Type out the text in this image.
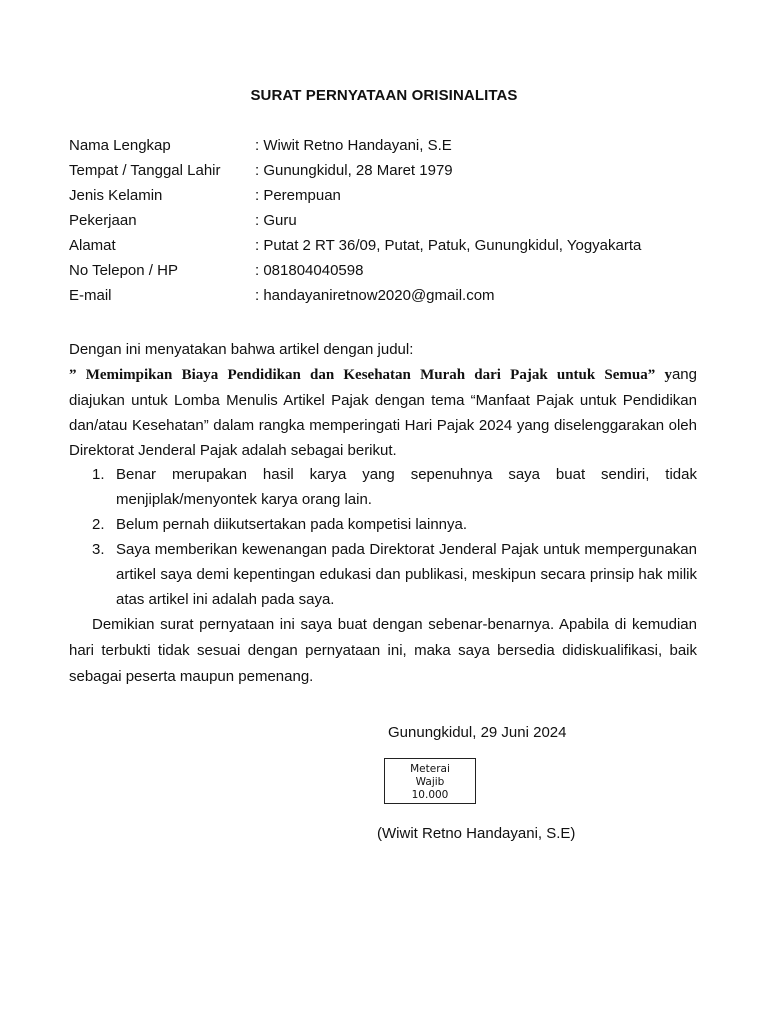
SURAT PERNYATAAN ORISINALITAS
Nama Lengkap	: Wiwit Retno Handayani, S.E
Tempat / Tanggal Lahir : Gunungkidul, 28 Maret 1979
Jenis Kelamin	: Perempuan
Pekerjaan	: Guru
Alamat	: Putat 2 RT 36/09, Putat, Patuk, Gunungkidul, Yogyakarta
No Telepon / HP	: 081804040598
E-mail	: handayaniretnow2020@gmail.com

Dengan ini menyatakan bahwa artikel dengan judul:

” Memimpikan Biaya Pendidikan dan Kesehatan Murah dari Pajak untuk Semua” yang diajukan untuk Lomba Menulis Artikel Pajak dengan tema “Manfaat Pajak untuk Pendidikan dan/atau Kesehatan” dalam rangka memperingati Hari Pajak 2024 yang diselenggarakan oleh Direktorat Jenderal Pajak adalah sebagai berikut.

1. Benar merupakan hasil karya yang sepenuhnya saya buat sendiri, tidak menjiplak/menyontek karya orang lain.
2. Belum pernah diikutsertakan pada kompetisi lainnya.
3. Saya memberikan kewenangan pada Direktorat Jenderal Pajak untuk mempergunakan artikel saya demi kepentingan edukasi dan publikasi, meskipun secara prinsip hak milik atas artikel ini adalah pada saya.
Demikian surat pernyataan ini saya buat dengan sebenar-benarnya. Apabila di kemudian hari terbukti tidak sesuai dengan pernyataan ini, maka saya bersedia didiskualifikasi, baik sebagai peserta maupun pemenang.
Gunungkidul, 29 Juni 2024
Meterai
Wajib
10.000
(Wiwit Retno Handayani, S.E)
